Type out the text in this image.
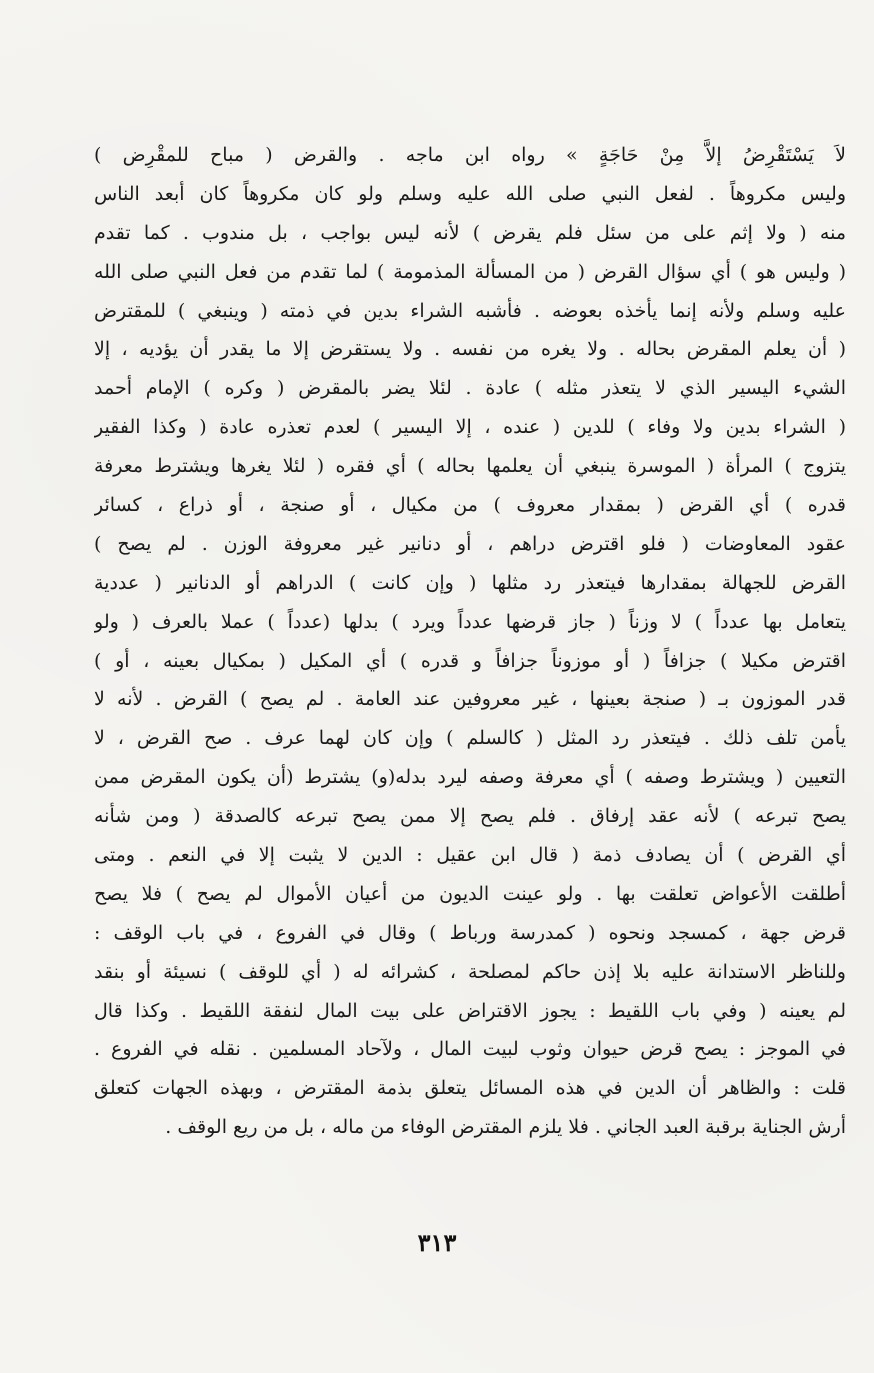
لاَ يَسْتَقْرِضُ إلاَّ مِنْ حَاجَةٍ » رواه ابن ماجه . والقرض ( مباح للمقْرِض )
وليس مكروهاً . لفعل النبي صلى الله عليه وسلم ولو كان مكروهاً كان أبعد الناس
منه ( ولا إثم على من سئل فلم يقرض ) لأنه ليس بواجب ، بل مندوب . كما تقدم
( وليس هو ) أي سؤال القرض ( من المسألة المذمومة ) لما تقدم من فعل النبي صلى الله
عليه وسلم ولأنه إنما يأخذه بعوضه . فأشبه الشراء بدين في ذمته ( وينبغي ) للمقترض
( أن يعلم المقرض بحاله . ولا يغره من نفسه . ولا يستقرض إلا ما يقدر أن يؤديه ، إلا
الشيء اليسير الذي لا يتعذر مثله ) عادة . لئلا يضر بالمقرض ( وكره ) الإمام أحمد
( الشراء بدين ولا وفاء ) للدين ( عنده ، إلا اليسير ) لعدم تعذره عادة ( وكذا الفقير
يتزوج ) المرأة ( الموسرة ينبغي أن يعلمها بحاله ) أي فقره ( لئلا يغرها ويشترط معرفة
قدره ) أي القرض ( بمقدار معروف ) من مكيال ، أو صنجة ، أو ذراع ، كسائر
عقود المعاوضات ( فلو اقترض دراهم ، أو دنانير غير معروفة الوزن . لم يصح )
القرض للجهالة بمقدارها فيتعذر رد مثلها ( وإن كانت ) الدراهم أو الدنانير ( عددية
يتعامل بها عدداً ) لا وزناً ( جاز قرضها عدداً ويرد ) بدلها (عدداً ) عملا بالعرف ( ولو
اقترض مكيلا ) جزافاً ( أو موزوناً جزافاً و قدره ) أي المكيل ( بمكيال بعينه ، أو )
قدر الموزون بـ ( صنجة بعينها ، غير معروفين عند العامة . لم يصح ) القرض . لأنه لا
يأمن تلف ذلك . فيتعذر رد المثل ( كالسلم ) وإن كان لهما عرف . صح القرض ، لا
التعيين ( ويشترط وصفه ) أي معرفة وصفه ليرد بدله(و) يشترط (أن يكون المقرض ممن
يصح تبرعه ) لأنه عقد إرفاق . فلم يصح إلا ممن يصح تبرعه كالصدقة ( ومن شأنه
أي القرض ) أن يصادف ذمة ( قال ابن عقيل : الدين لا يثبت إلا في النعم . ومتى
أطلقت الأعواض تعلقت بها . ولو عينت الديون من أعيان الأموال لم يصح ) فلا يصح
قرض جهة ، كمسجد ونحوه ( كمدرسة ورباط ) وقال في الفروع ، في باب الوقف :
وللناظر الاستدانة عليه بلا إذن حاكم لمصلحة ، كشرائه له ( أي للوقف ) نسيئة أو بنقد
لم يعينه ( وفي باب اللقيط : يجوز الاقتراض على بيت المال لنفقة اللقيط . وكذا قال
في الموجز : يصح قرض حيوان وثوب لبيت المال ، ولآحاد المسلمين . نقله في الفروع .
قلت : والظاهر أن الدين في هذه المسائل يتعلق بذمة المقترض ، وبهذه الجهات كتعلق
أرش الجناية برقبة العبد الجاني . فلا يلزم المقترض الوفاء من ماله ، بل من ريع الوقف .
٣١٣
